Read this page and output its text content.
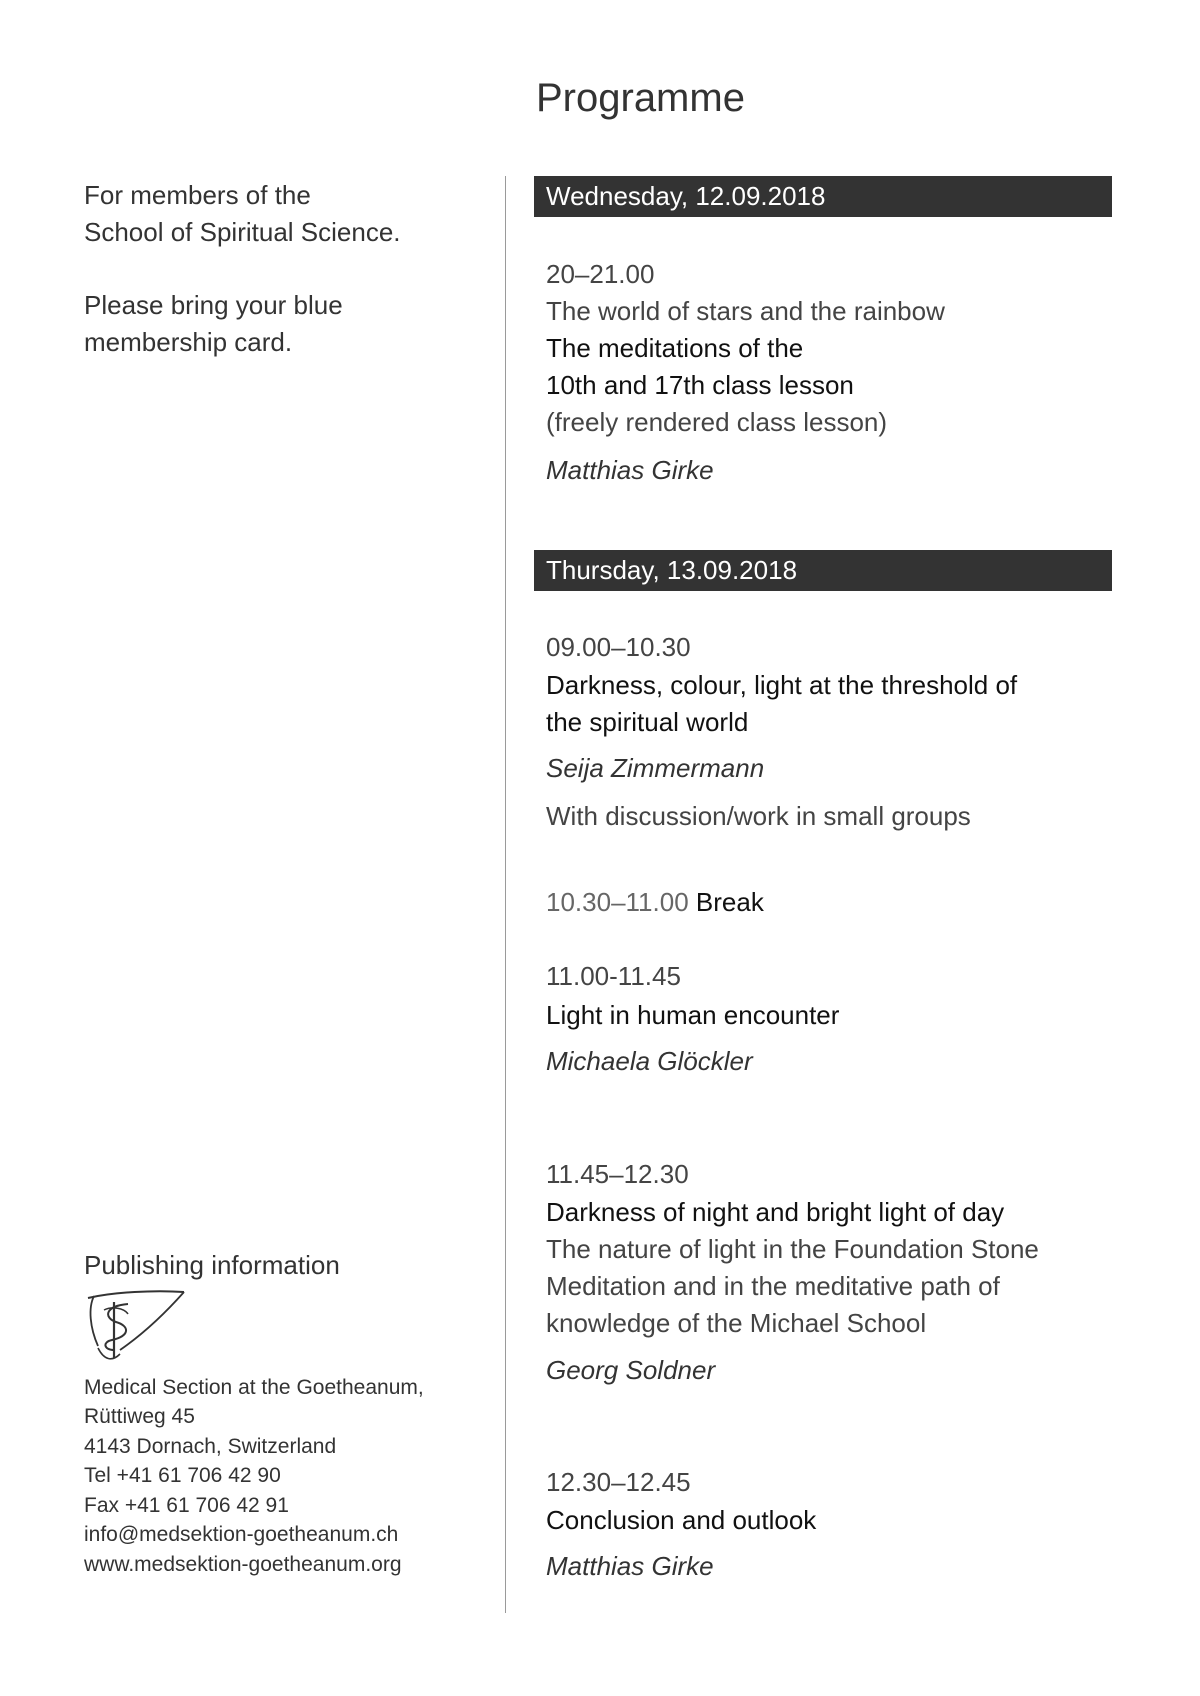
Programme
For members of the
School of Spiritual Science.
Please bring your blue
membership card.
Wednesday, 12.09.2018
20–21.00
The world of stars and the rainbow
The meditations of the
10th and 17th class lesson
(freely rendered class lesson)
Matthias Girke
Thursday, 13.09.2018
09.00–10.30
Darkness, colour, light at the threshold of
the spiritual world
Seija Zimmermann
With discussion/work in small groups
10.30–11.00 Break
11.00-11.45
Light in human encounter
Michaela Glöckler
11.45–12.30
Darkness of night and bright light of day
The nature of light in the Foundation Stone
Meditation and in the meditative path of
knowledge of the Michael School
Georg Soldner
12.30–12.45
Conclusion and outlook
Matthias Girke
Publishing information
Medical Section at the Goetheanum,
Rüttiweg 45
4143 Dornach, Switzerland
Tel +41 61 706 42 90
Fax +41 61 706 42 91
info@medsektion-goetheanum.ch
www.medsektion-goetheanum.org
